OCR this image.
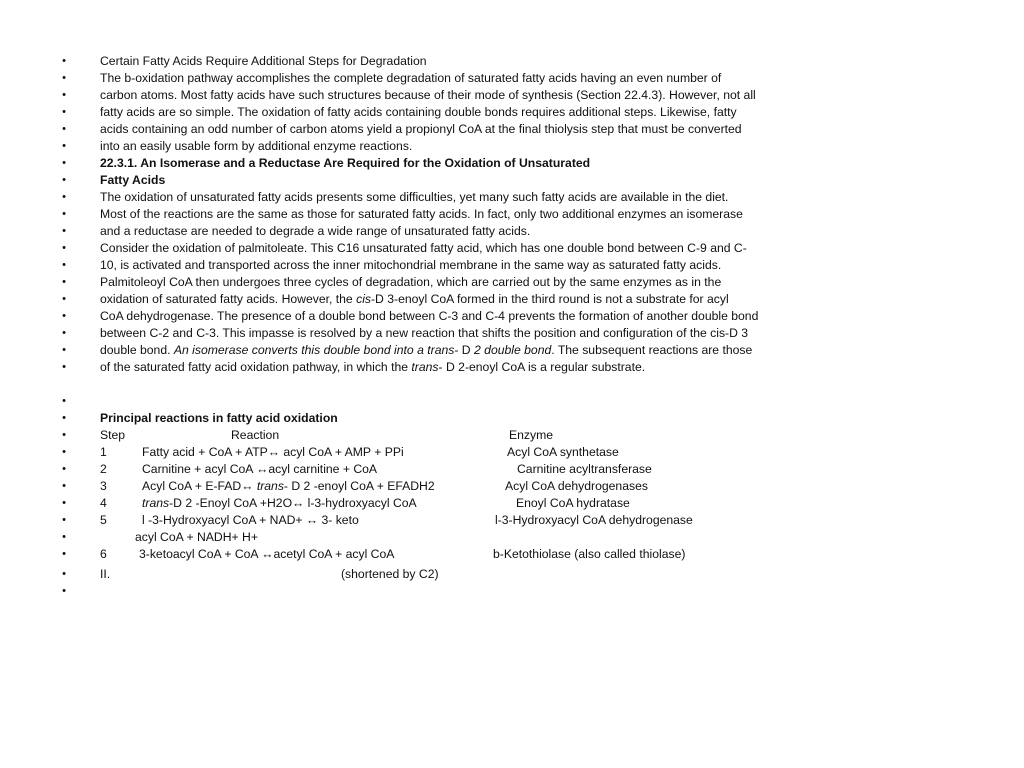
•	Certain Fatty Acids Require Additional Steps for Degradation
•	The b-oxidation pathway accomplishes the complete degradation of saturated fatty acids having an even number of
•	carbon atoms. Most fatty acids have such structures because of their mode of synthesis (Section 22.4.3). However, not all
•	fatty acids are so simple. The oxidation of fatty acids containing double bonds requires additional steps. Likewise, fatty
•	acids containing an odd number of carbon atoms yield a propionyl CoA at the final thiolysis step that must be converted
•	into an easily usable form by additional enzyme reactions.
•	22.3.1. An Isomerase and a Reductase Are Required for the Oxidation of Unsaturated
•	Fatty Acids
•	The oxidation of unsaturated fatty acids presents some difficulties, yet many such fatty acids are available in the diet.
•	Most of the reactions are the same as those for saturated fatty acids. In fact, only two additional enzymes an isomerase
•	and a reductase are needed to degrade a wide range of unsaturated fatty acids.
•	Consider the oxidation of palmitoleate. This C16 unsaturated fatty acid, which has one double bond between C-9 and C-
•	10, is activated and transported across the inner mitochondrial membrane in the same way as saturated fatty acids.
•	Palmitoleoyl CoA then undergoes three cycles of degradation, which are carried out by the same enzymes as in the
•	oxidation of saturated fatty acids. However, the cis-D 3-enoyl CoA formed in the third round is not a substrate for acyl
•	CoA dehydrogenase. The presence of a double bond between C-3 and C-4 prevents the formation of another double bond
•	between C-2 and C-3. This impasse is resolved by a new reaction that shifts the position and configuration of the cis-D 3
•	double bond. An isomerase converts this double bond into a trans- D 2 double bond. The subsequent reactions are those
•	of the saturated fatty acid oxidation pathway, in which the trans- D 2-enoyl CoA is a regular substrate.
•
•	Principal reactions in fatty acid oxidation
•	Step	Reaction	Enzyme
•	1	Fatty acid + CoA + ATP↔ acyl CoA + AMP + PPi	Acyl CoA synthetase
•	2	Carnitine + acyl CoA ↔acyl carnitine + CoA	Carnitine acyltransferase
•	3	Acyl CoA + E-FAD↔ trans- D 2 -enoyl CoA + EFADH2	Acyl CoA dehydrogenases
•	4	trans-D 2 -Enoyl CoA +H2O↔ l-3-hydroxyacyl CoA	Enoyl CoA hydratase
•	5	l -3-Hydroxyacyl CoA + NAD+ ↔ 3- keto	l-3-Hydroxyacyl CoA dehydrogenase
•	acyl CoA + NADH+ H+
•	6	3-ketoacyl CoA + CoA ↔acetyl CoA + acyl CoA	b-Ketothiolase (also called thiolase)
•	II.	(shortened by C2)
•
